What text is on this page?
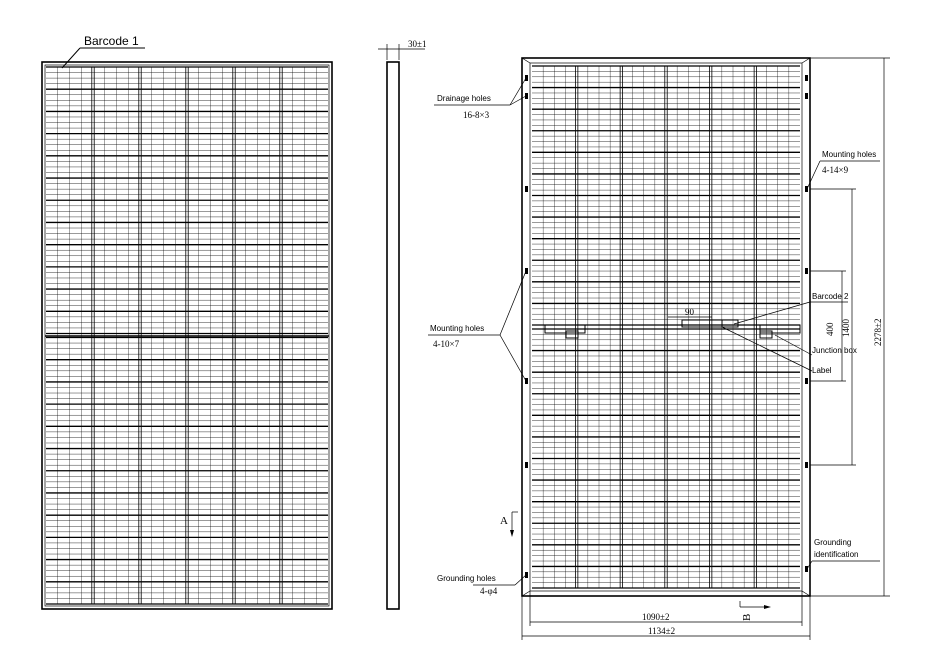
Barcode 1	30±1
Drainage holes
16-8×3
Mounting holes
4-10×7
Grounding holes
4-φ4
A
Mounting holes
4-14×9
1400
400
Barcode 2
Junction box
Label
Grounding
identification
2278±2
90
B
1090±2
1134±2
